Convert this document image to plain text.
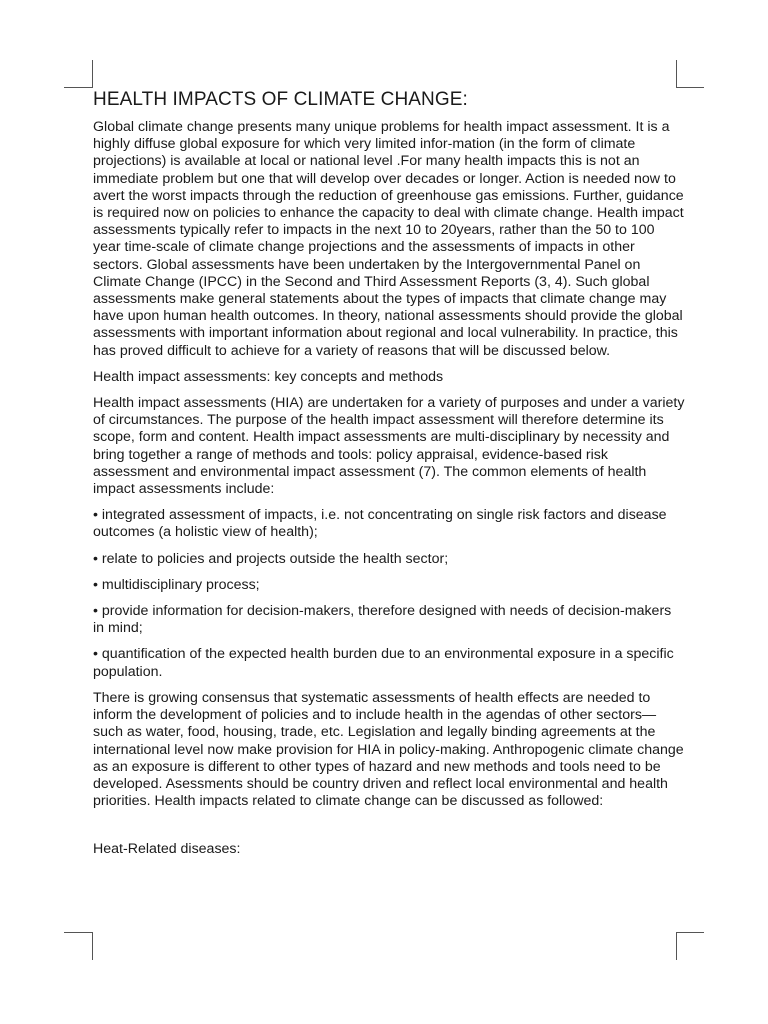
HEALTH IMPACTS OF CLIMATE CHANGE:

Global climate change presents many unique problems for health impact assessment. It is a highly diffuse global exposure for which very limited infor-mation (in the form of climate projections) is available at local or national level .For many health impacts this is not an immediate problem but one that will develop over decades or longer. Action is needed now to avert the worst impacts through the reduction of greenhouse gas emissions. Further, guidance is required now on policies to enhance the capacity to deal with climate change. Health impact assessments typically refer to impacts in the next 10 to 20years, rather than the 50 to 100 year time-scale of climate change projections and the assessments of impacts in other sectors. Global assessments have been undertaken by the Intergovernmental Panel on Climate Change (IPCC) in the Second and Third Assessment Reports (3, 4). Such global assessments make general statements about the types of impacts that climate change may have upon human health outcomes. In theory, national assessments should provide the global assessments with important information about regional and local vulnerability. In practice, this has proved difficult to achieve for a variety of reasons that will be discussed below.

Health impact assessments: key concepts and methods

Health impact assessments (HIA) are undertaken for a variety of purposes and under a variety of circumstances. The purpose of the health impact assessment will therefore determine its scope, form and content. Health impact assessments are multi-disciplinary by necessity and bring together a range of methods and tools: policy appraisal, evidence-based risk assessment and environmental impact assessment (7). The common elements of health impact assessments include:

• integrated assessment of impacts, i.e. not concentrating on single risk factors and disease outcomes (a holistic view of health);

• relate to policies and projects outside the health sector;

• multidisciplinary process;

• provide information for decision-makers, therefore designed with needs of decision-makers in mind;

• quantification of the expected health burden due to an environmental exposure in a specific population.

There is growing consensus that systematic assessments of health effects are needed to inform the development of policies and to include health in the agendas of other sectors—such as water, food, housing, trade, etc. Legislation and legally binding agreements at the international level now make provision for HIA in policy-making. Anthropogenic climate change as an exposure is different to other types of hazard and new methods and tools need to be developed. Asessments should be country driven and reflect local environmental and health priorities. Health impacts related to climate change can be discussed as followed:

Heat-Related diseases:
